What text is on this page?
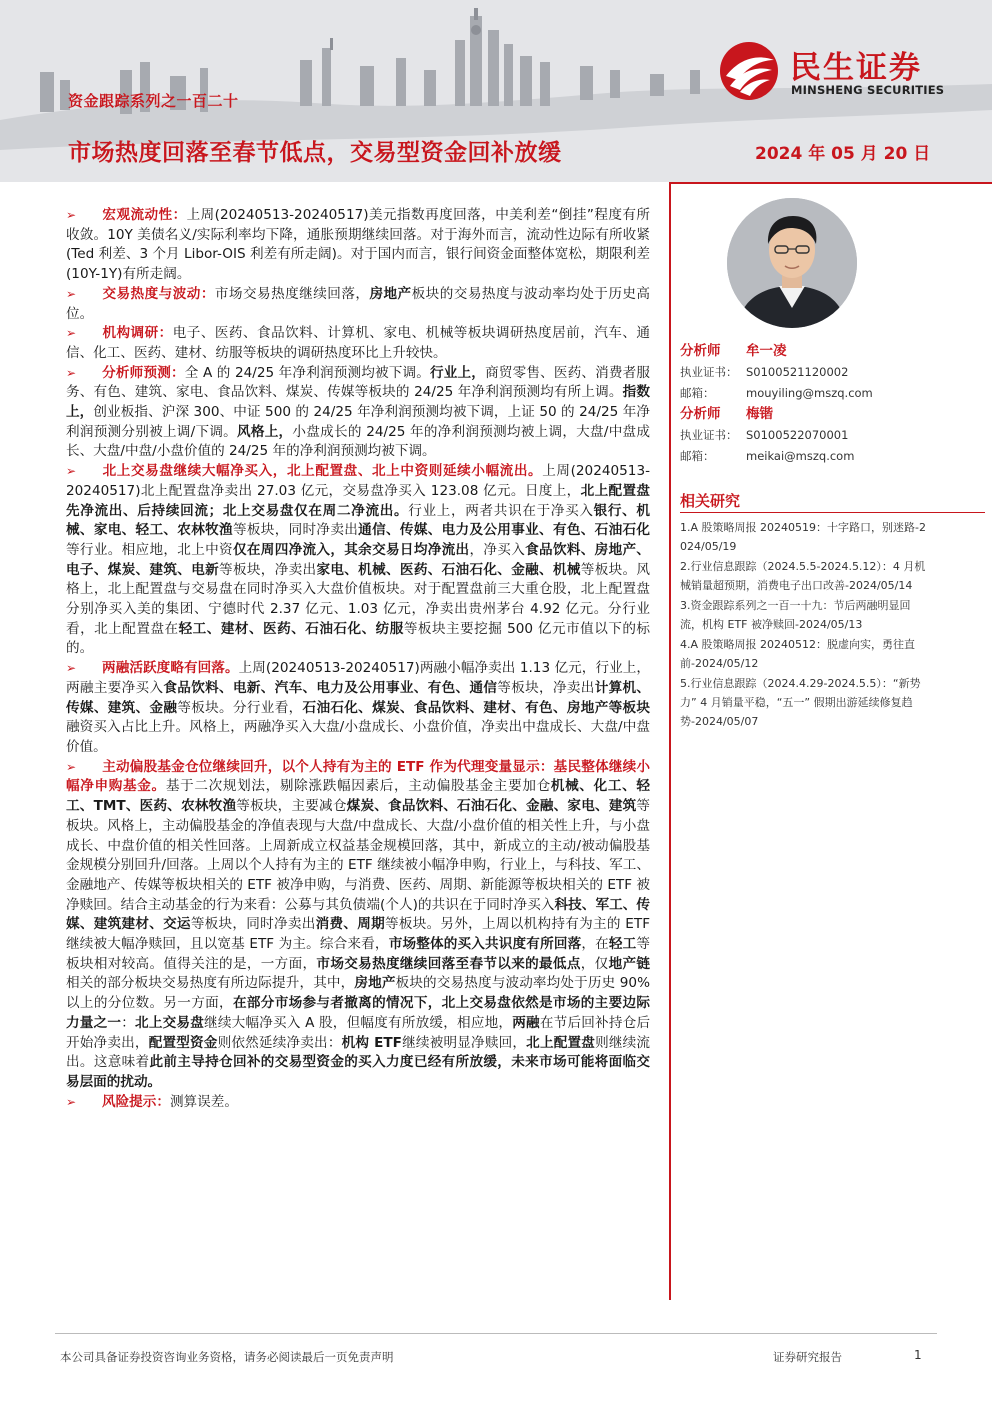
资金跟踪系列之一百二十
市场热度回落至春节低点，交易型资金回补放缓	2024 年 05 月 20 日
民生证券
MINSHENG SECURITIES
➢ 宏观流动性：上周(20240513-20240517)美元指数再度回落，中美利差“倒挂”程度有所收敛。10Y 美债名义/实际利率均下降，通胀预期继续回落。对于海外而言，流动性边际有所收紧(Ted 利差、3 个月 Libor-OIS 利差有所走阔)。对于国内而言，银行间资金面整体宽松，期限利差(10Y-1Y)有所走阔。
➢ 交易热度与波动：市场交易热度继续回落，房地产板块的交易热度与波动率均处于历史高位。
➢ 机构调研：电子、医药、食品饮料、计算机、家电、机械等板块调研热度居前，汽车、通信、化工、医药、建材、纺服等板块的调研热度环比上升较快。
➢ 分析师预测：全 A 的 24/25 年净利润预测均被下调。行业上，商贸零售、医药、消费者服务、有色、建筑、家电、食品饮料、煤炭、传媒等板块的 24/25 年净利润预测均有所上调。指数上，创业板指、沪深 300、中证 500 的 24/25 年净利润预测均被下调，上证 50 的 24/25 年净利润预测分别被上调/下调。风格上，小盘成长的 24/25 年的净利润预测均被上调，大盘/中盘成长、大盘/中盘/小盘价值的 24/25 年的净利润预测均被下调。
➢ 北上交易盘继续大幅净买入，北上配置盘、北上中资则延续小幅流出。上周(20240513-20240517)北上配置盘净卖出 27.03 亿元，交易盘净买入 123.08 亿元。日度上，北上配置盘先净流出、后持续回流；北上交易盘仅在周二净流出。行业上，两者共识在于净买入银行、机械、家电、轻工、农林牧渔等板块，同时净卖出通信、传媒、电力及公用事业、有色、石油石化等行业。相应地，北上中资仅在周四净流入，其余交易日均净流出，净买入食品饮料、房地产、电子、煤炭、建筑、电新等板块，净卖出家电、机械、医药、石油石化、金融、机械等板块。风格上，北上配置盘与交易盘在同时净买入大盘价值板块。对于配置盘前三大重仓股，北上配置盘分别净买入美的集团、宁德时代 2.37 亿元、1.03 亿元，净卖出贵州茅台 4.92 亿元。分行业看，北上配置盘在轻工、建材、医药、石油石化、纺服等板块主要挖掘 500 亿元市值以下的标的。
➢ 两融活跃度略有回落。上周(20240513-20240517)两融小幅净卖出 1.13 亿元，行业上，两融主要净买入食品饮料、电新、汽车、电力及公用事业、有色、通信等板块，净卖出计算机、传媒、建筑、金融等板块。分行业看，石油石化、煤炭、食品饮料、建材、有色、房地产等板块融资买入占比上升。风格上，两融净买入大盘/小盘成长、小盘价值，净卖出中盘成长、大盘/中盘价值。
➢ 主动偏股基金仓位继续回升，以个人持有为主的 ETF 作为代理变量显示：基民整体继续小幅净申购基金。基于二次规划法，剔除涨跌幅因素后，主动偏股基金主要加仓机械、化工、轻工、TMT、医药、农林牧渔等板块，主要减仓煤炭、食品饮料、石油石化、金融、家电、建筑等板块。风格上，主动偏股基金的净值表现与大盘/中盘成长、大盘/小盘价值的相关性上升，与小盘成长、中盘价值的相关性回落。上周新成立权益基金规模回落，其中，新成立的主动/被动偏股基金规模分别回升/回落。上周以个人持有为主的 ETF 继续被小幅净申购，行业上，与科技、军工、金融地产、传媒等板块相关的 ETF 被净申购，与消费、医药、周期、新能源等板块相关的 ETF 被净赎回。结合主动基金的行为来看：公募与其负债端(个人)的共识在于同时净买入科技、军工、传媒、建筑建材、交运等板块，同时净卖出消费、周期等板块。另外，上周以机构持有为主的 ETF 继续被大幅净赎回，且以宽基 ETF 为主。综合来看，市场整体的买入共识度有所回落，在轻工等板块相对较高。值得关注的是，一方面，市场交易热度继续回落至春节以来的最低点，仅地产链相关的部分板块交易热度有所边际提升，其中，房地产板块的交易热度与波动率均处于历史 90%以上的分位数。另一方面，在部分市场参与者撤离的情况下，北上交易盘依然是市场的主要边际力量之一：北上交易盘继续大幅净买入 A 股，但幅度有所放缓，相应地，两融在节后回补持仓后开始净卖出，配置型资金则依然延续净卖出：机构 ETF继续被明显净赎回，北上配置盘则继续流出。这意味着此前主导持仓回补的交易型资金的买入力度已经有所放缓，未来市场可能将面临交易层面的扰动。
➢ 风险提示：测算误差。
分析师 牟一凌
执业证书： S0100521120002
邮箱：	mouyiling@mszq.com
分析师 梅锴
执业证书： S0100522070001
邮箱：	meikai@mszq.com
相关研究
1.A 股策略周报 20240519：十字路口，别迷路-2024/05/19
2.行业信息跟踪（2024.5.5-2024.5.12）：4 月机械销量超预期，消费电子出口改善-2024/05/14
3.资金跟踪系列之一百一十九：节后两融明显回流，机构 ETF 被净赎回-2024/05/13
4.A 股策略周报 20240512：脱虚向实，勇往直前-2024/05/12
5.行业信息跟踪（2024.4.29-2024.5.5）：“新势力” 4 月销量平稳，“五一” 假期出游延续修复趋势-2024/05/07
本公司具备证券投资咨询业务资格，请务必阅读最后一页免责声明	证券研究报告	1
